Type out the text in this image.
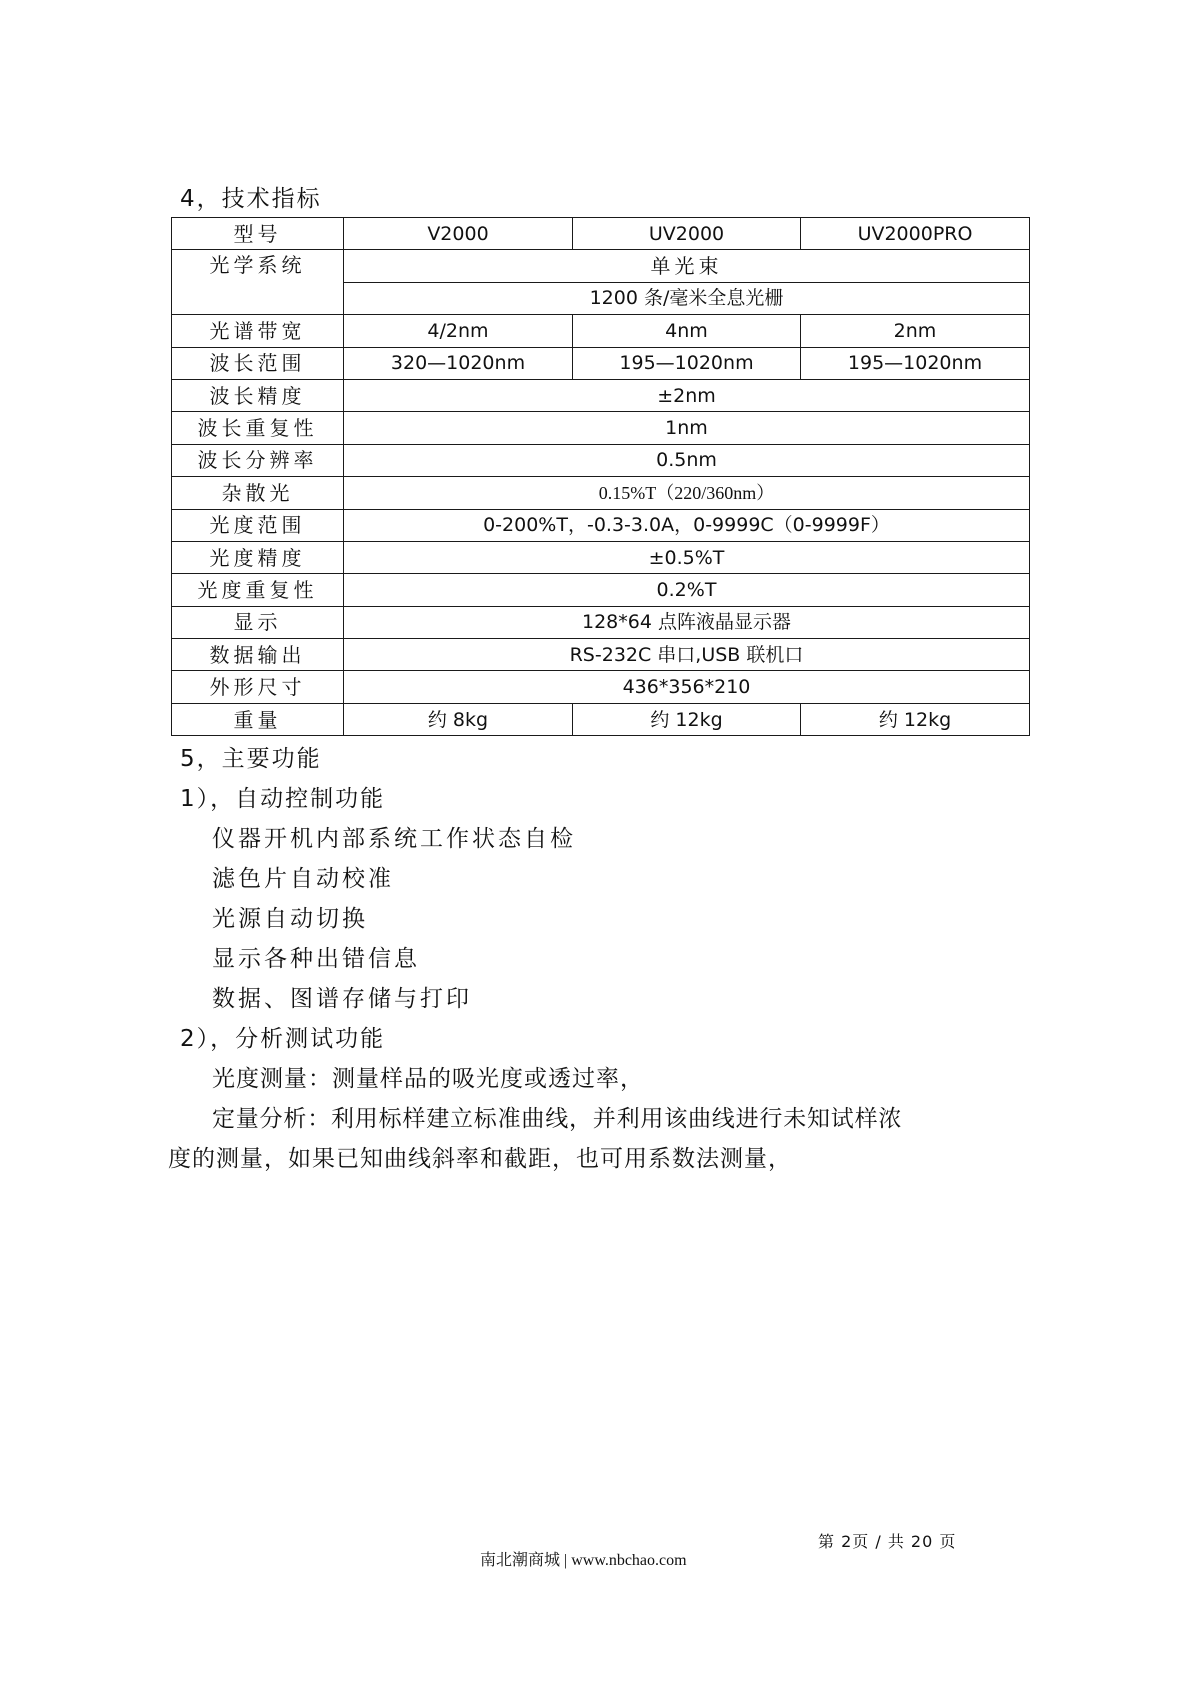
4，技术指标
型号	V2000	UV2000	UV2000PRO
光学系统	单光束		
	1200 条/毫米全息光栅		
光谱带宽	4/2nm	4nm	2nm
波长范围	320—1020nm	195—1020nm	195—1020nm
波长精度	±2nm		
波长重复性	1nm		
波长分辨率	0.5nm		
杂散光	0.15%T（220/360nm）		
光度范围	0-200%T，-0.3-3.0A，0-9999C（0-9999F）		
光度精度	±0.5%T		
光度重复性	0.2%T		
显示	128*64 点阵液晶显示器		
数据输出	RS-232C 串口,USB 联机口		
外形尺寸	436*356*210		
重量	约 8kg	约 12kg	约 12kg
5，主要功能
1），自动控制功能
仪器开机内部系统工作状态自检
滤色片自动校准
光源自动切换
显示各种出错信息
数据、图谱存储与打印
2），分析测试功能
光度测量：测量样品的吸光度或透过率，
定量分析：利用标样建立标准曲线，并利用该曲线进行未知试样浓
度的测量，如果已知曲线斜率和截距，也可用系数法测量，
第 2页 / 共 20 页
南北潮商城 | www.nbchao.com
